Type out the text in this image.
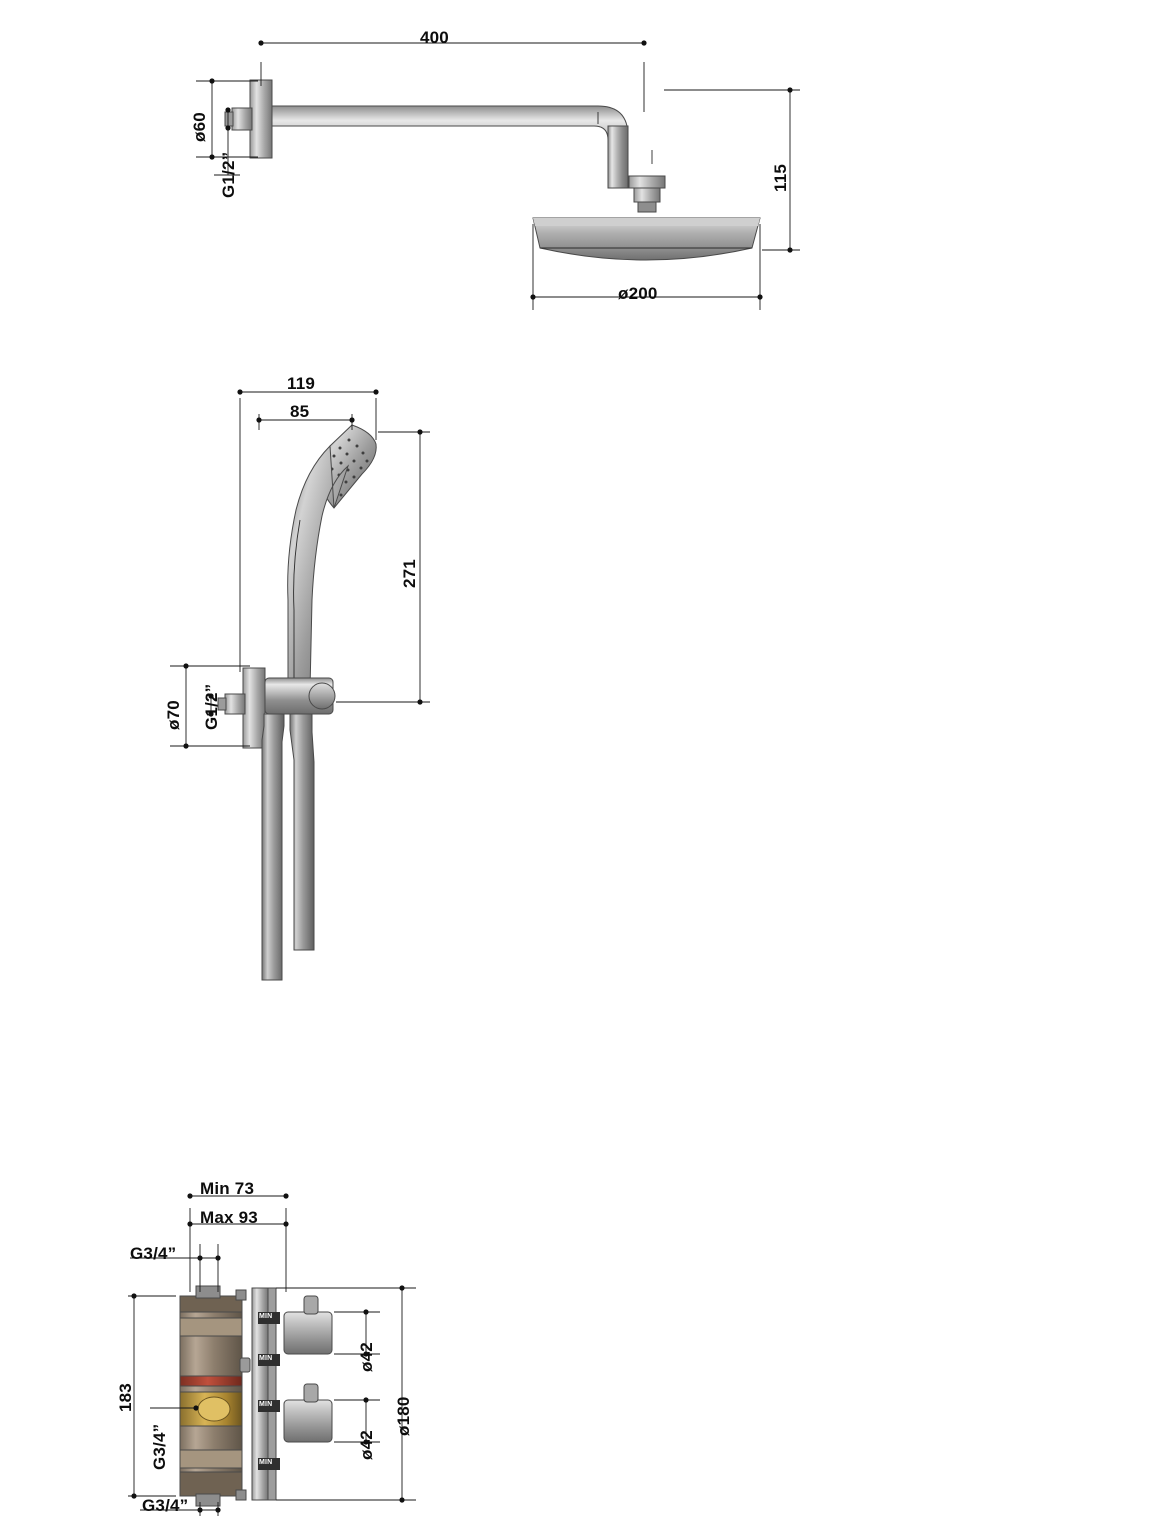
400
ø60
G1/2”	115
ø200
119
85
271
ø70 G1/2”
Min 73
Max 93
G3/4”
183
G3/4”
G3/4”
ø42
ø42
ø180
MIN
MIN
MIN
MIN
